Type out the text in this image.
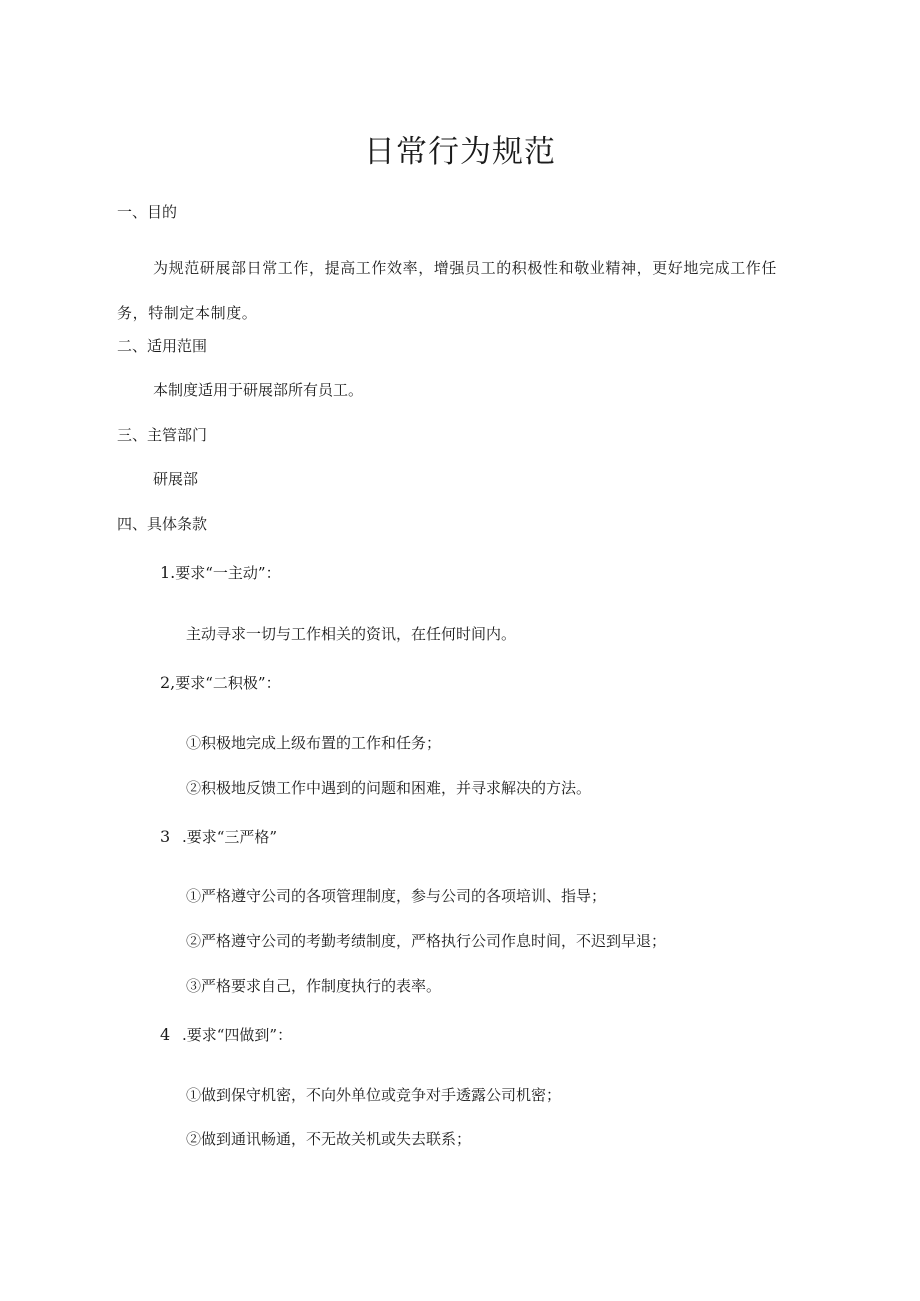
日常行为规范

一、目的

为规范研展部日常工作，提高工作效率，增强员工的积极性和敬业精神，更好地完成工作任务，特制定本制度。

二、适用范围

本制度适用于研展部所有员工。

三、主管部门

研展部

四、具体条款

1.要求“一主动”：

主动寻求一切与工作相关的资讯，在任何时间内。

2,要求“二积极”：

①积极地完成上级布置的工作和任务；

②积极地反馈工作中遇到的问题和困难，并寻求解决的方法。

3 .要求“三严格”

①严格遵守公司的各项管理制度，参与公司的各项培训、指导；

②严格遵守公司的考勤考绩制度，严格执行公司作息时间，不迟到早退；

③严格要求自己，作制度执行的表率。

4 .要求“四做到”：

①做到保守机密，不向外单位或竞争对手透露公司机密；

②做到通讯畅通，不无故关机或失去联系；
